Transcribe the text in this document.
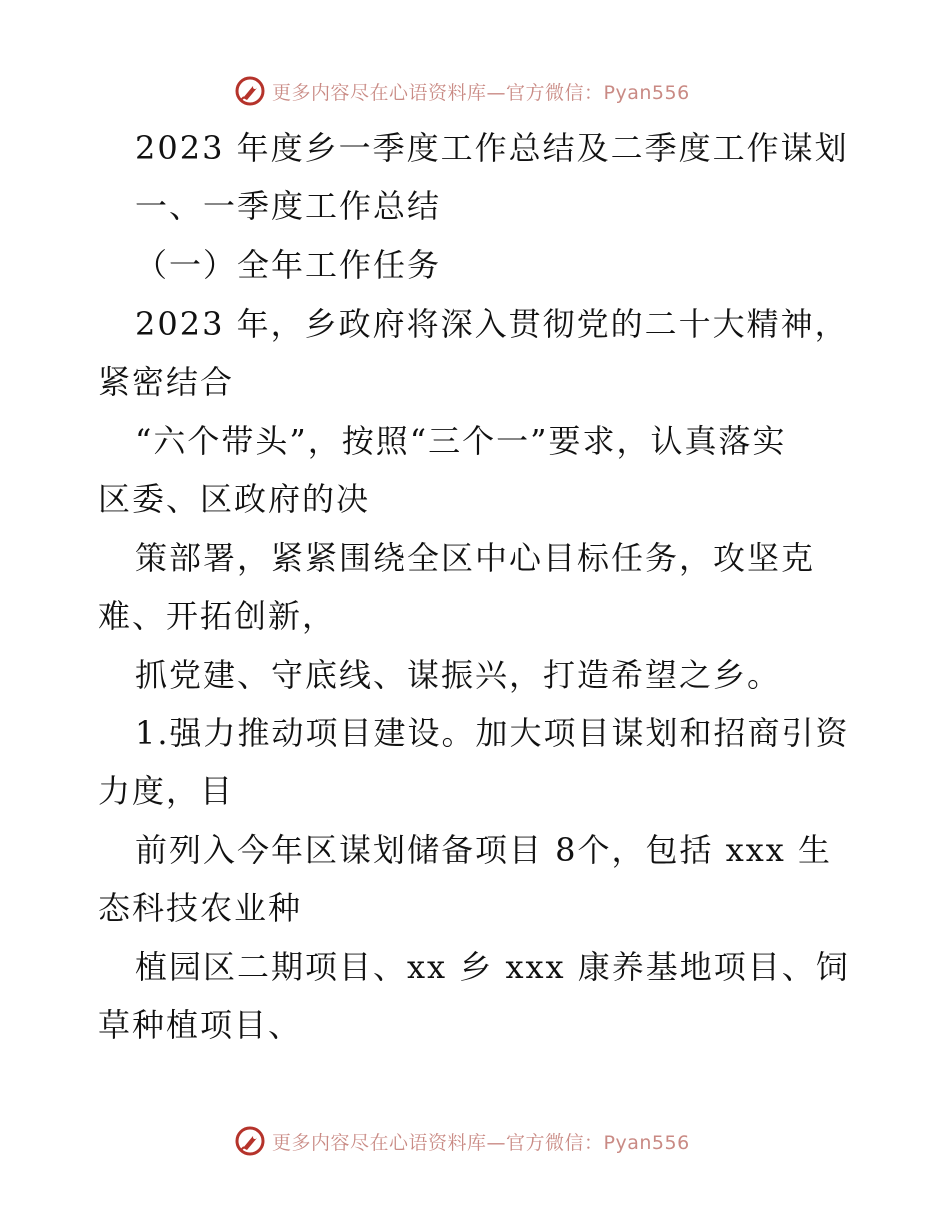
更多内容尽在心语资料库—官方微信：Pyan556
2023 年度乡一季度工作总结及二季度工作谋划
一、一季度工作总结
（一）全年工作任务
2023 年，乡政府将深入贯彻党的二十大精神，
紧密结合
“六个带头”，按照“三个一”要求，认真落实
区委、区政府的决
策部署，紧紧围绕全区中心目标任务，攻坚克
难、开拓创新，
抓党建、守底线、谋振兴，打造希望之乡。
1.强力推动项目建设。加大项目谋划和招商引资
力度，目
前列入今年区谋划储备项目 8个，包括 xxx 生
态科技农业种
植园区二期项目、xx 乡 xxx 康养基地项目、饲
草种植项目、
更多内容尽在心语资料库—官方微信：Pyan556
